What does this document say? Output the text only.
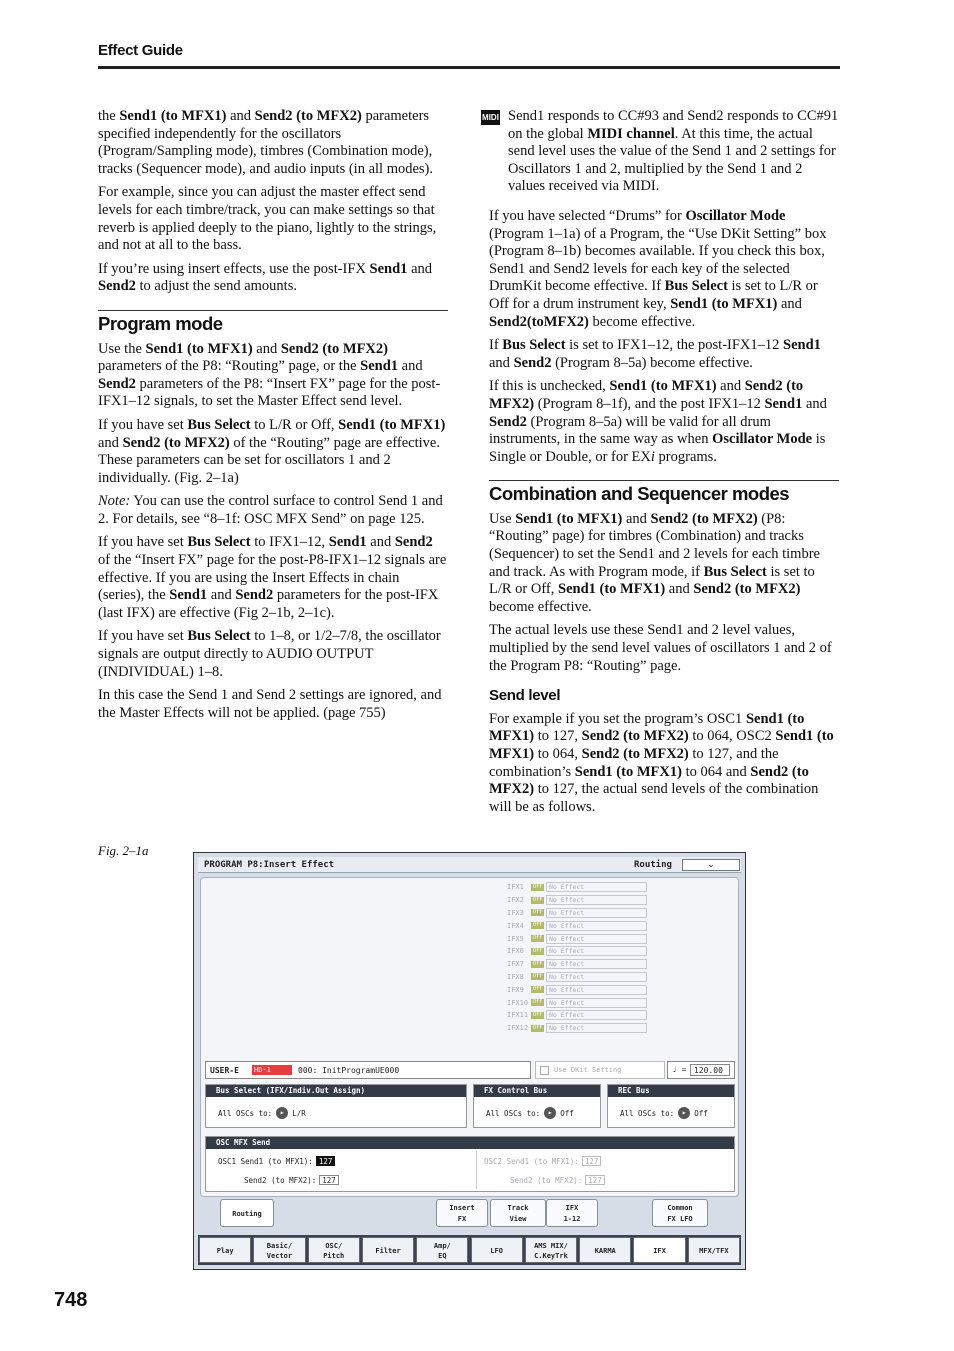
Effect Guide

the Send1 (to MFX1) and Send2 (to MFX2) parameters specified independently for the oscillators (Program/Sampling mode), timbres (Combination mode), tracks (Sequencer mode), and audio inputs (in all modes).

For example, since you can adjust the master effect send levels for each timbre/track, you can make settings so that reverb is applied deeply to the piano, lightly to the strings, and not at all to the bass.

If you’re using insert effects, use the post-IFX Send1 and Send2 to adjust the send amounts.

Program mode

Use the Send1 (to MFX1) and Send2 (to MFX2) parameters of the P8: “Routing” page, or the Send1 and Send2 parameters of the P8: “Insert FX” page for the post-IFX1–12 signals, to set the Master Effect send level.

If you have set Bus Select to L/R or Off, Send1 (to MFX1) and Send2 (to MFX2) of the “Routing” page are effective. These parameters can be set for oscillators 1 and 2 individually. (Fig. 2–1a)

Note: You can use the control surface to control Send 1 and 2. For details, see “8–1f: OSC MFX Send” on page 125.

If you have set Bus Select to IFX1–12, Send1 and Send2 of the “Insert FX” page for the post-P8-IFX1–12 signals are effective. If you are using the Insert Effects in chain (series), the Send1 and Send2 parameters for the post-IFX (last IFX) are effective (Fig 2–1b, 2–1c).

If you have set Bus Select to 1–8, or 1/2–7/8, the oscillator signals are output directly to AUDIO OUTPUT (INDIVIDUAL) 1–8.

In this case the Send 1 and Send 2 settings are ignored, and the Master Effects will not be applied. (page 755)

MIDI Send1 responds to CC#93 and Send2 responds to CC#91 on the global MIDI channel. At this time, the actual send level uses the value of the Send 1 and 2 settings for Oscillators 1 and 2, multiplied by the Send 1 and 2 values received via MIDI.

If you have selected “Drums” for Oscillator Mode (Program 1–1a) of a Program, the “Use DKit Setting” box (Program 8–1b) becomes available. If you check this box, Send1 and Send2 levels for each key of the selected DrumKit become effective. If Bus Select is set to L/R or Off for a drum instrument key, Send1 (to MFX1) and Send2(toMFX2) become effective.

If Bus Select is set to IFX1–12, the post-IFX1–12 Send1 and Send2 (Program 8–5a) become effective.

If this is unchecked, Send1 (to MFX1) and Send2 (to MFX2) (Program 8–1f), and the post IFX1–12 Send1 and Send2 (Program 8–5a) will be valid for all drum instruments, in the same way as when Oscillator Mode is Single or Double, or for EXi programs.

Combination and Sequencer modes

Use Send1 (to MFX1) and Send2 (to MFX2) (P8: “Routing” page) for timbres (Combination) and tracks (Sequencer) to set the Send1 and 2 levels for each timbre and track. As with Program mode, if Bus Select is set to L/R or Off, Send1 (to MFX1) and Send2 (to MFX2) become effective.

The actual levels use these Send1 and 2 level values, multiplied by the send level values of oscillators 1 and 2 of the Program P8: “Routing” page.

Send level

For example if you set the program’s OSC1 Send1 (to MFX1) to 127, Send2 (to MFX2) to 064, OSC2 Send1 (to MFX1) to 064, Send2 (to MFX2) to 127, and the combination’s Send1 (to MFX1) to 064 and Send2 (to MFX2) to 127, the actual send levels of the combination will be as follows.

Fig. 2–1a
PROGRAM P8:Insert Effect	Routing	⌄
IFX1	Off	No Effect
IFX2	Off	No Effect
IFX3	Off	No Effect
IFX4	Off	No Effect
IFX5	Off	No Effect
IFX6	Off	No Effect
IFX7	Off	No Effect
IFX8	Off	No Effect
IFX9	Off	No Effect
IFX10 Off	No Effect
IFX11 Off	No Effect
IFX12 Off	No Effect
USER-E HD-1	000: InitProgramUE000	Use DKit Setting	♩ = 120.00
Bus Select (IFX/Indiv.Out Assign)
All OSCs to: ▸	L/R
FX Control Bus
All OSCs to: ▸	Off
REC Bus
All OSCs to: ▸	Off
OSC MFX Send
OSC1 Send1 (to MFX1): 127
Send2 (to MFX2): 127
OSC2 Send1 (to MFX1): 127
Send2 (to MFX2): 127
Routing
Insert
FX
Track
View
IFX
1-12
Common
FX LFO
Play
Basic/
Vector
OSC/
Pitch
Filter
Amp/
EQ
LFO
AMS MIX/
C.KeyTrk
KARMA	IFX	MFX/TFX
748
